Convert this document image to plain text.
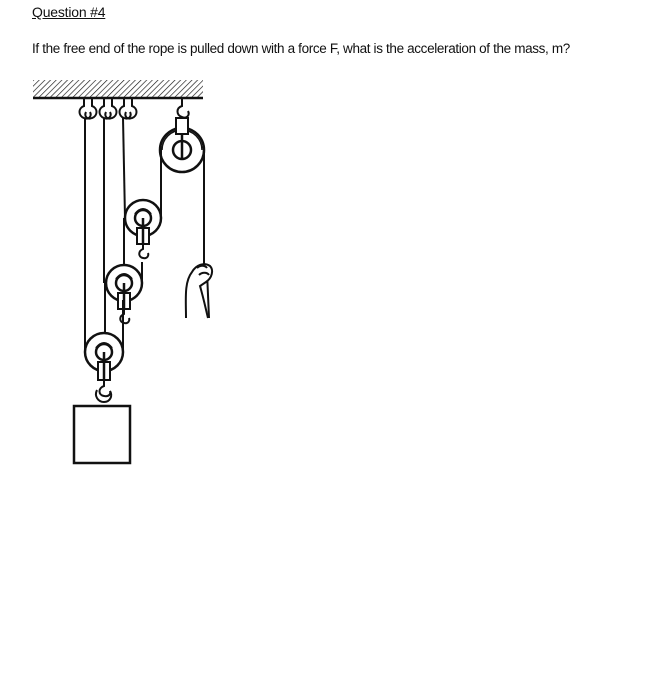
Question #4
If the free end of the rope is pulled down with a force F, what is the acceleration of the mass, m?
